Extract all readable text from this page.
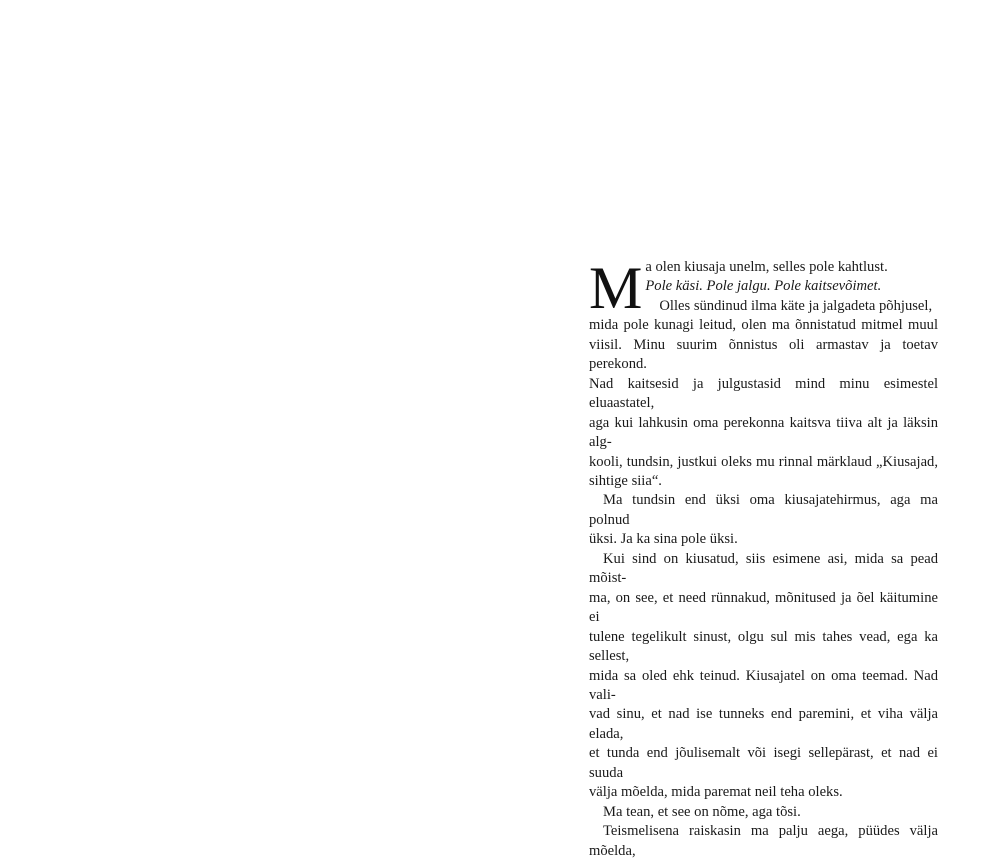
M a olen kiusaja unelm, selles pole kahtlust.
Pole käsi. Pole jalgu. Pole kaitsevõimet.
Olles sündinud ilma käte ja jalgadeta põhjusel,
mida pole kunagi leitud, olen ma õnnistatud mitmel muul
viisil. Minu suurim õnnistus oli armastav ja toetav perekond.
Nad kaitsesid ja julgustasid mind minu esimestel eluaastatel,
aga kui lahkusin oma perekonna kaitsva tiiva alt ja läksin alg-
kooli, tundsin, justkui oleks mu rinnal märklaud „Kiusajad,
sihtige siia“.
Ma tundsin end üksi oma kiusajatehirmus, aga ma polnud
üksi. Ja ka sina pole üksi.
Kui sind on kiusatud, siis esimene asi, mida sa pead mõist-
ma, on see, et need rünnakud, mõnitused ja õel käitumine ei
tulene tegelikult sinust, olgu sul mis tahes vead, ega ka sellest,
mida sa oled ehk teinud. Kiusajatel on oma teemad. Nad vali-
vad sinu, et nad ise tunneks end paremini, et viha välja elada,
et tunda end jõulisemalt või isegi sellepärast, et nad ei suuda
välja mõelda, mida paremat neil teha oleks.
Ma tean, et see on nõme, aga tõsi.
Teismelisena raiskasin ma palju aega, püüdes välja mõelda,
